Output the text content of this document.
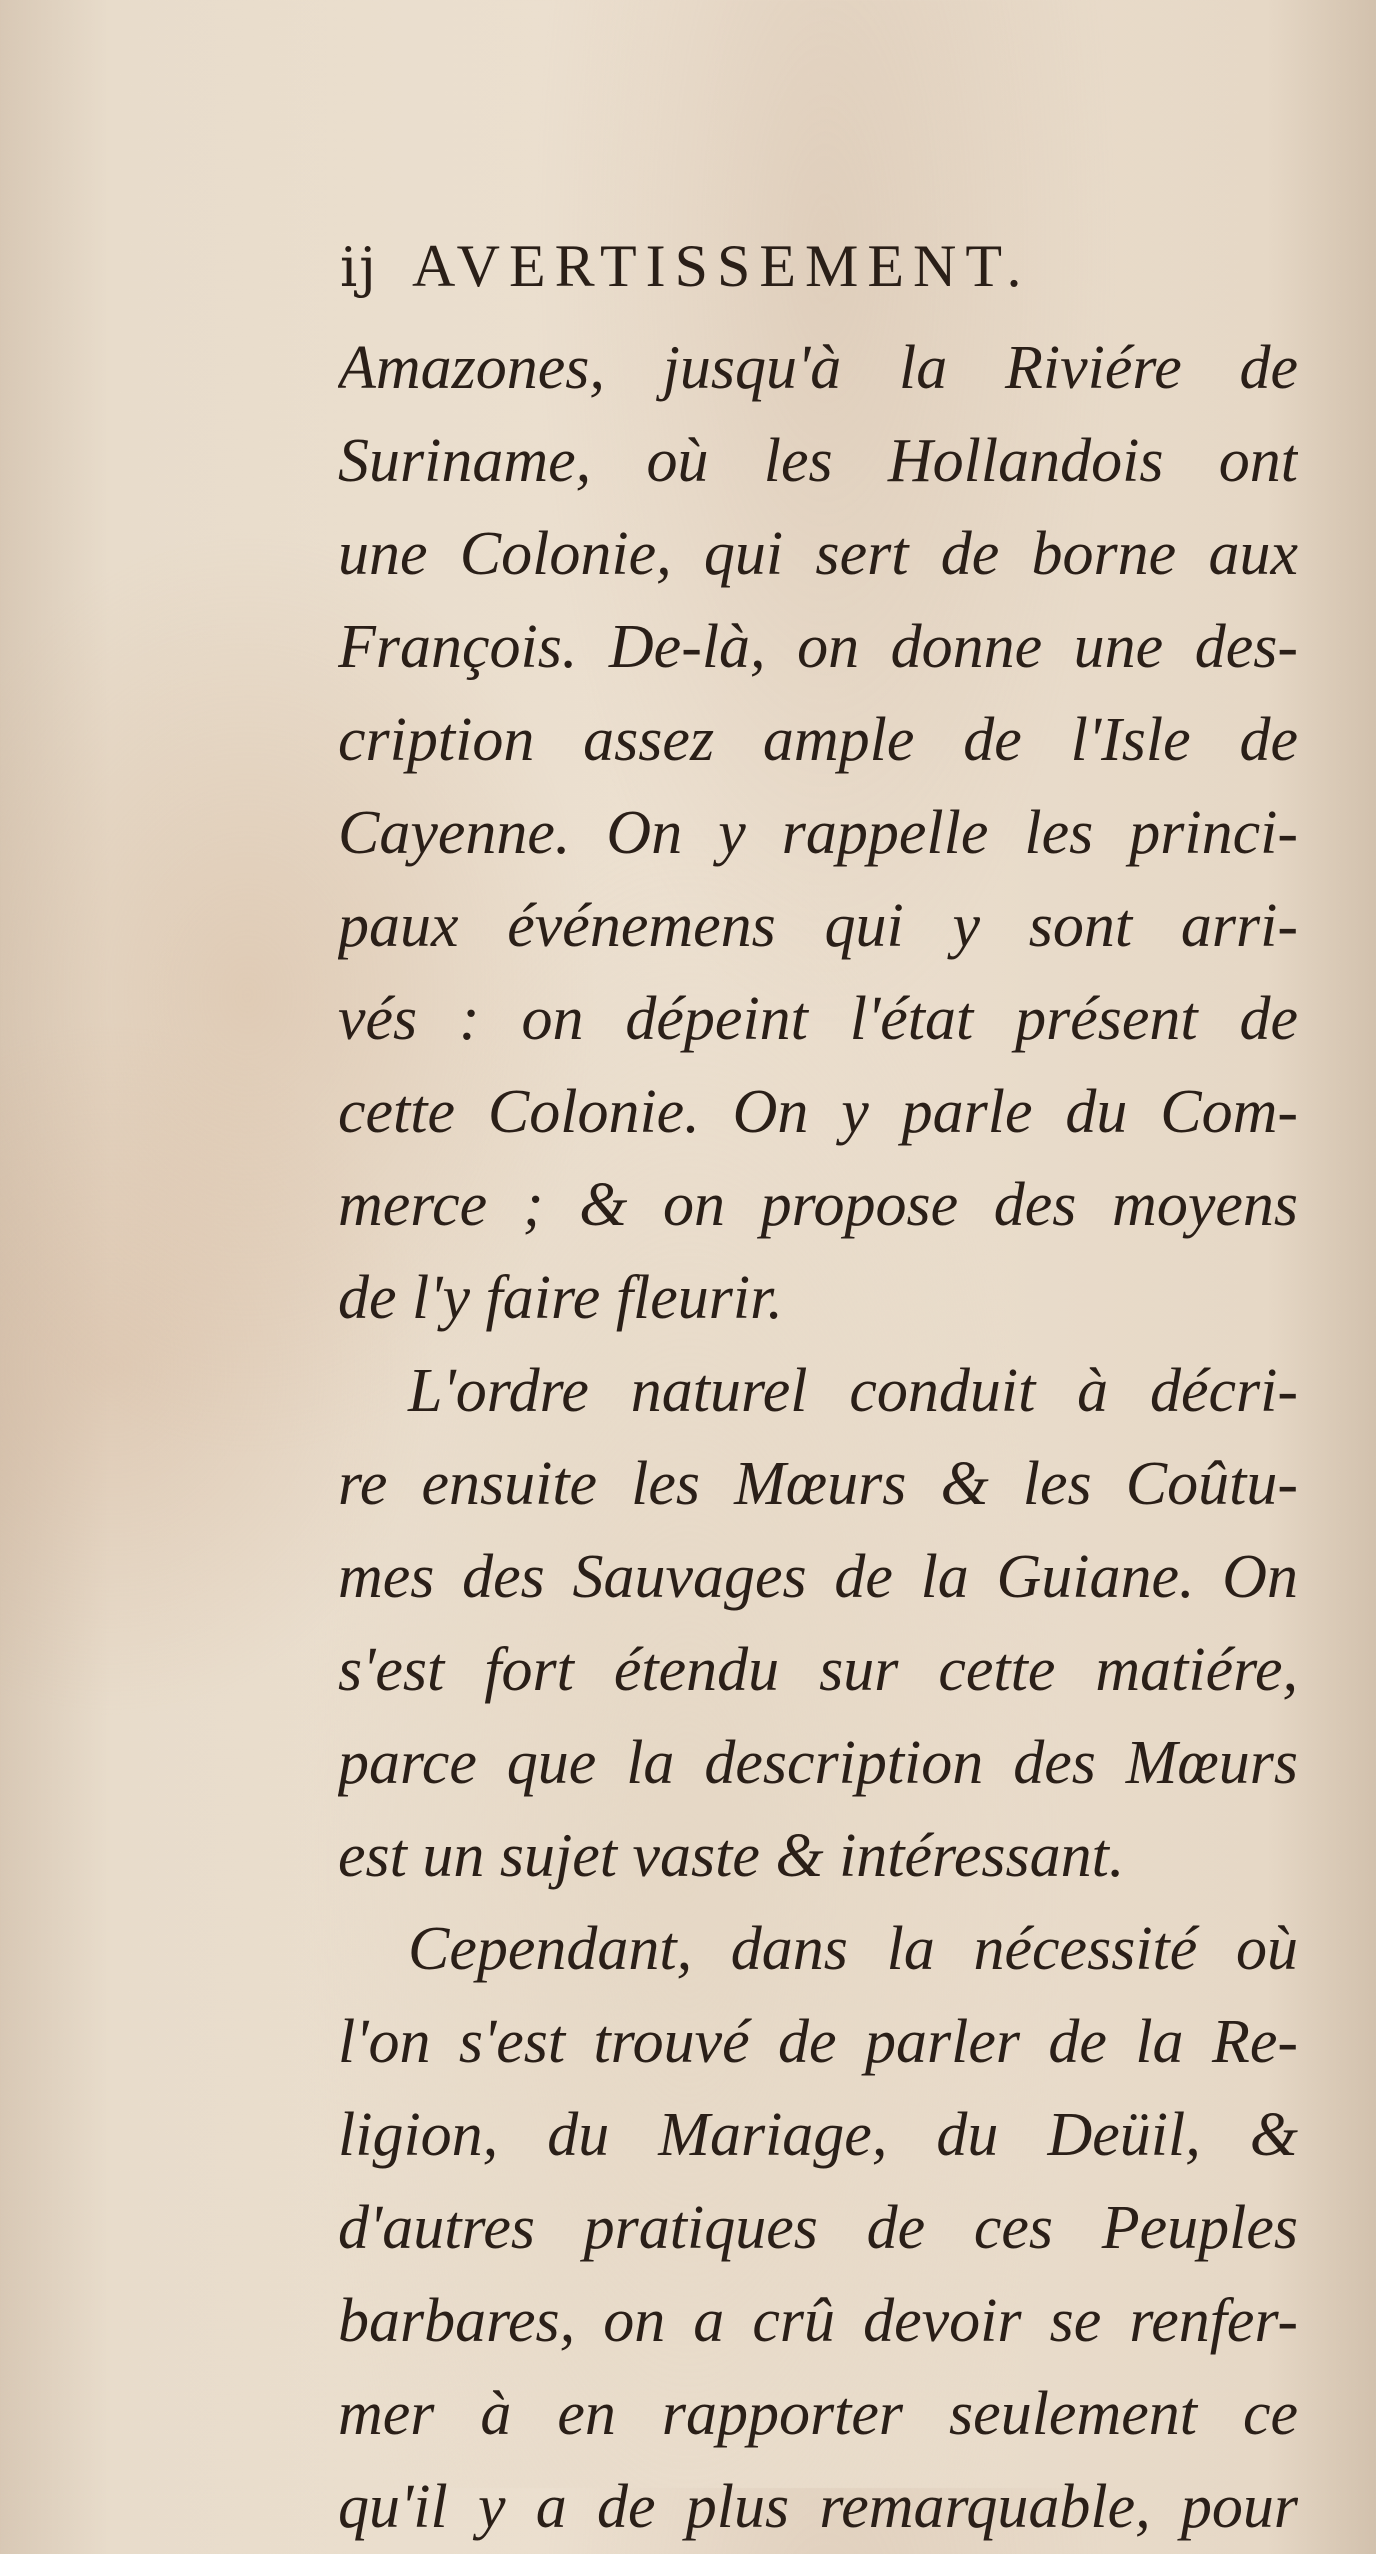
ij AVERTISSEMENT.
Amazones, jusqu'à la Riviére de
Suriname, où les Hollandois ont
une Colonie, qui sert de borne aux
François. De-là, on donne une des-
cription assez ample de l'Isle de
Cayenne. On y rappelle les princi-
paux événemens qui y sont arri-
vés : on dépeint l'état présent de
cette Colonie. On y parle du Com-
merce ; & on propose des moyens
de l'y faire fleurir.
L'ordre naturel conduit à décri-
re ensuite les Mœurs & les Coûtu-
mes des Sauvages de la Guiane. On
s'est fort étendu sur cette matiére,
parce que la description des Mœurs
est un sujet vaste & intéressant.
Cependant, dans la nécessité où
l'on s'est trouvé de parler de la Re-
ligion, du Mariage, du Deüil, &
d'autres pratiques de ces Peuples
barbares, on a crû devoir se renfer-
mer à en rapporter seulement ce
qu'il y a de plus remarquable, pour
